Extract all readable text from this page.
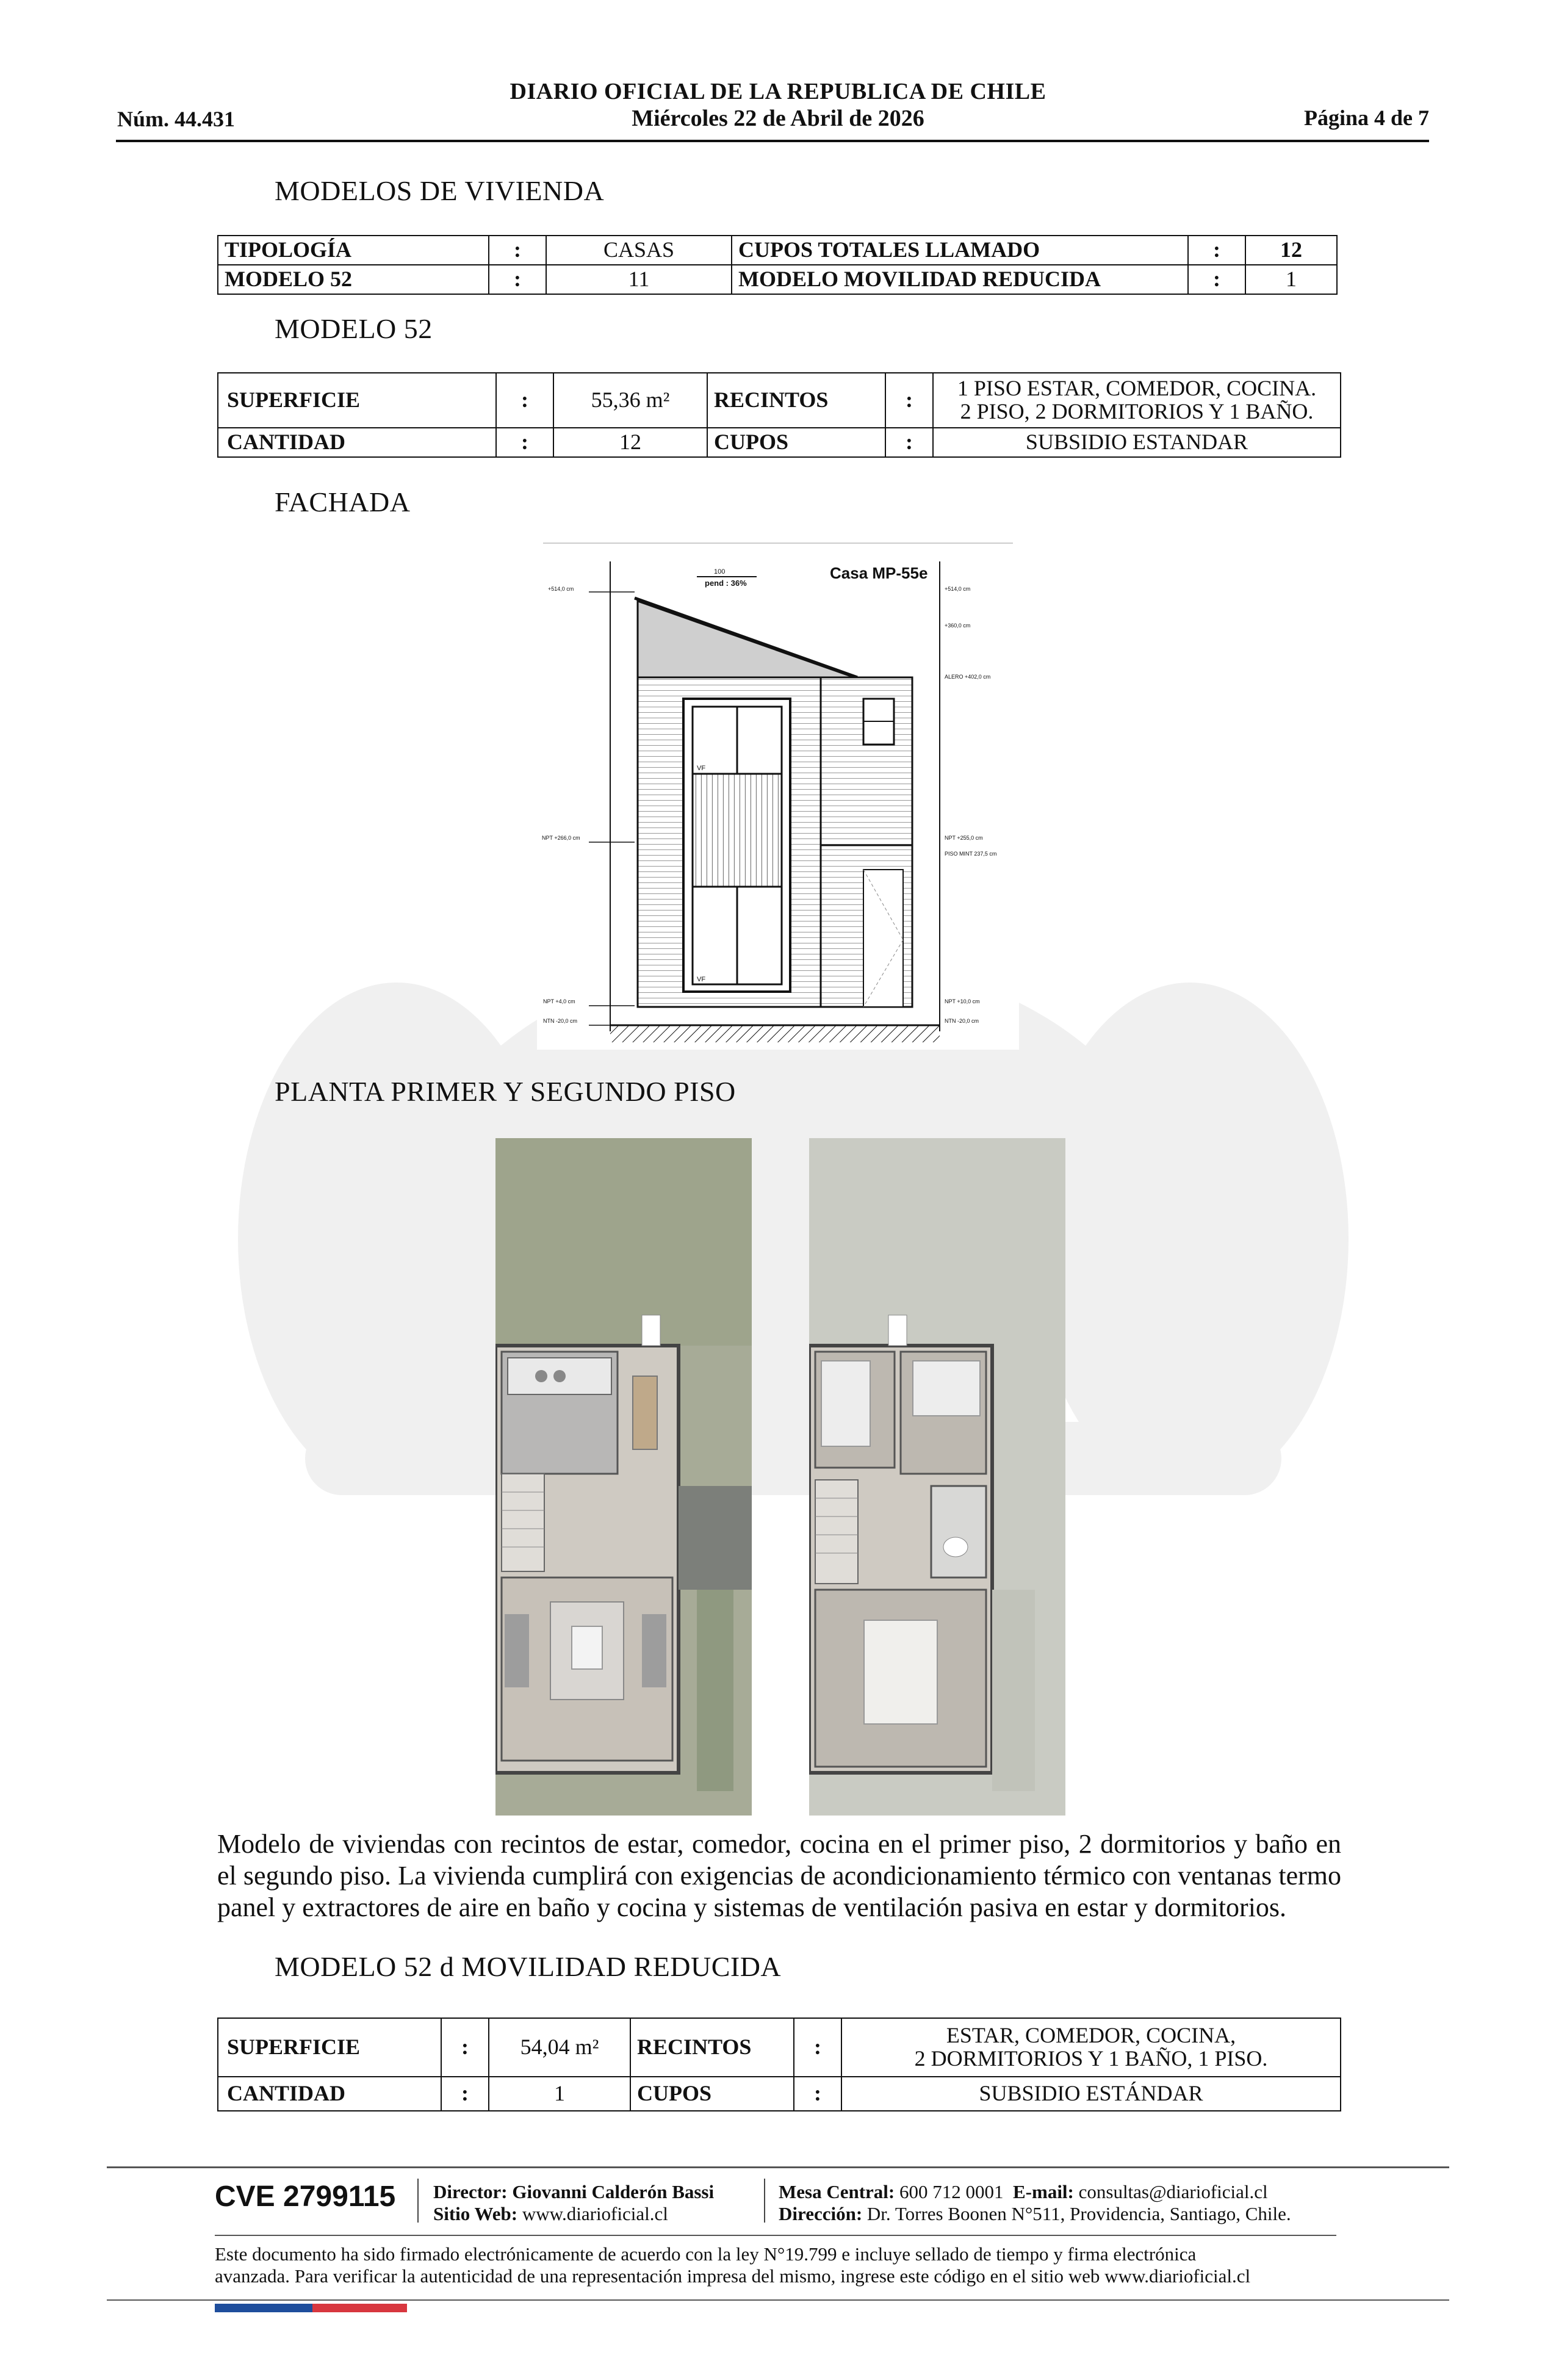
DIARIO OFICIAL DE LA REPUBLICA DE CHILE
Miércoles 22 de Abril de 2026
Núm. 44.431	Página 4 de 7
MODELOS DE VIVIENDA
TIPOLOGÍA	:	CASAS	CUPOS TOTALES LLAMADO	:	12
MODELO 52	:	11	MODELO MOVILIDAD REDUCIDA	:	1
MODELO 52
SUPERFICIE	:	55,36 m²	RECINTOS	:	1 PISO ESTAR, COMEDOR, COCINA.
2 PISO, 2 DORMITORIOS Y 1 BAÑO.

CANTIDAD	:	12	CUPOS	:	SUBSIDIO ESTANDAR
FACHADA
Casa MP-55e
pend : 36%
100
+514,0 cm
NPT +266,0 cm
NPT +4,0 cm
NTN -20,0 cm
+514,0 cm
+360,0 cm
ALERO +402,0 cm
NPT +255,0 cm
PISO MINT 237,5 cm
NPT +10,0 cm
NTN -20,0 cm
VF
VF
PLANTA PRIMER Y SEGUNDO PISO
Modelo de viviendas con recintos de estar, comedor, cocina en el primer piso, 2 dormitorios y baño en el segundo piso. La vivienda cumplirá con exigencias de acondicionamiento térmico con ventanas termo panel y extractores de aire en baño y cocina y sistemas de ventilación pasiva en estar y dormitorios.
MODELO 52 d MOVILIDAD REDUCIDA
SUPERFICIE	:	54,04 m²	RECINTOS	:	ESTAR, COMEDOR, COCINA,
2 DORMITORIOS Y 1 BAÑO, 1 PISO.

CANTIDAD	:	1	CUPOS	:	SUBSIDIO ESTÁNDAR
CVE 2799115 Director: Giovanni Calderón Bassi
Sitio Web: www.diarioficial.cl
Mesa Central: 600 712 0001 E-mail: consultas@diarioficial.cl
Dirección: Dr. Torres Boonen N°511, Providencia, Santiago, Chile.
Este documento ha sido firmado electrónicamente de acuerdo con la ley N°19.799 e incluye sellado de tiempo y firma electrónica
avanzada. Para verificar la autenticidad de una representación impresa del mismo, ingrese este código en el sitio web www.diarioficial.cl
